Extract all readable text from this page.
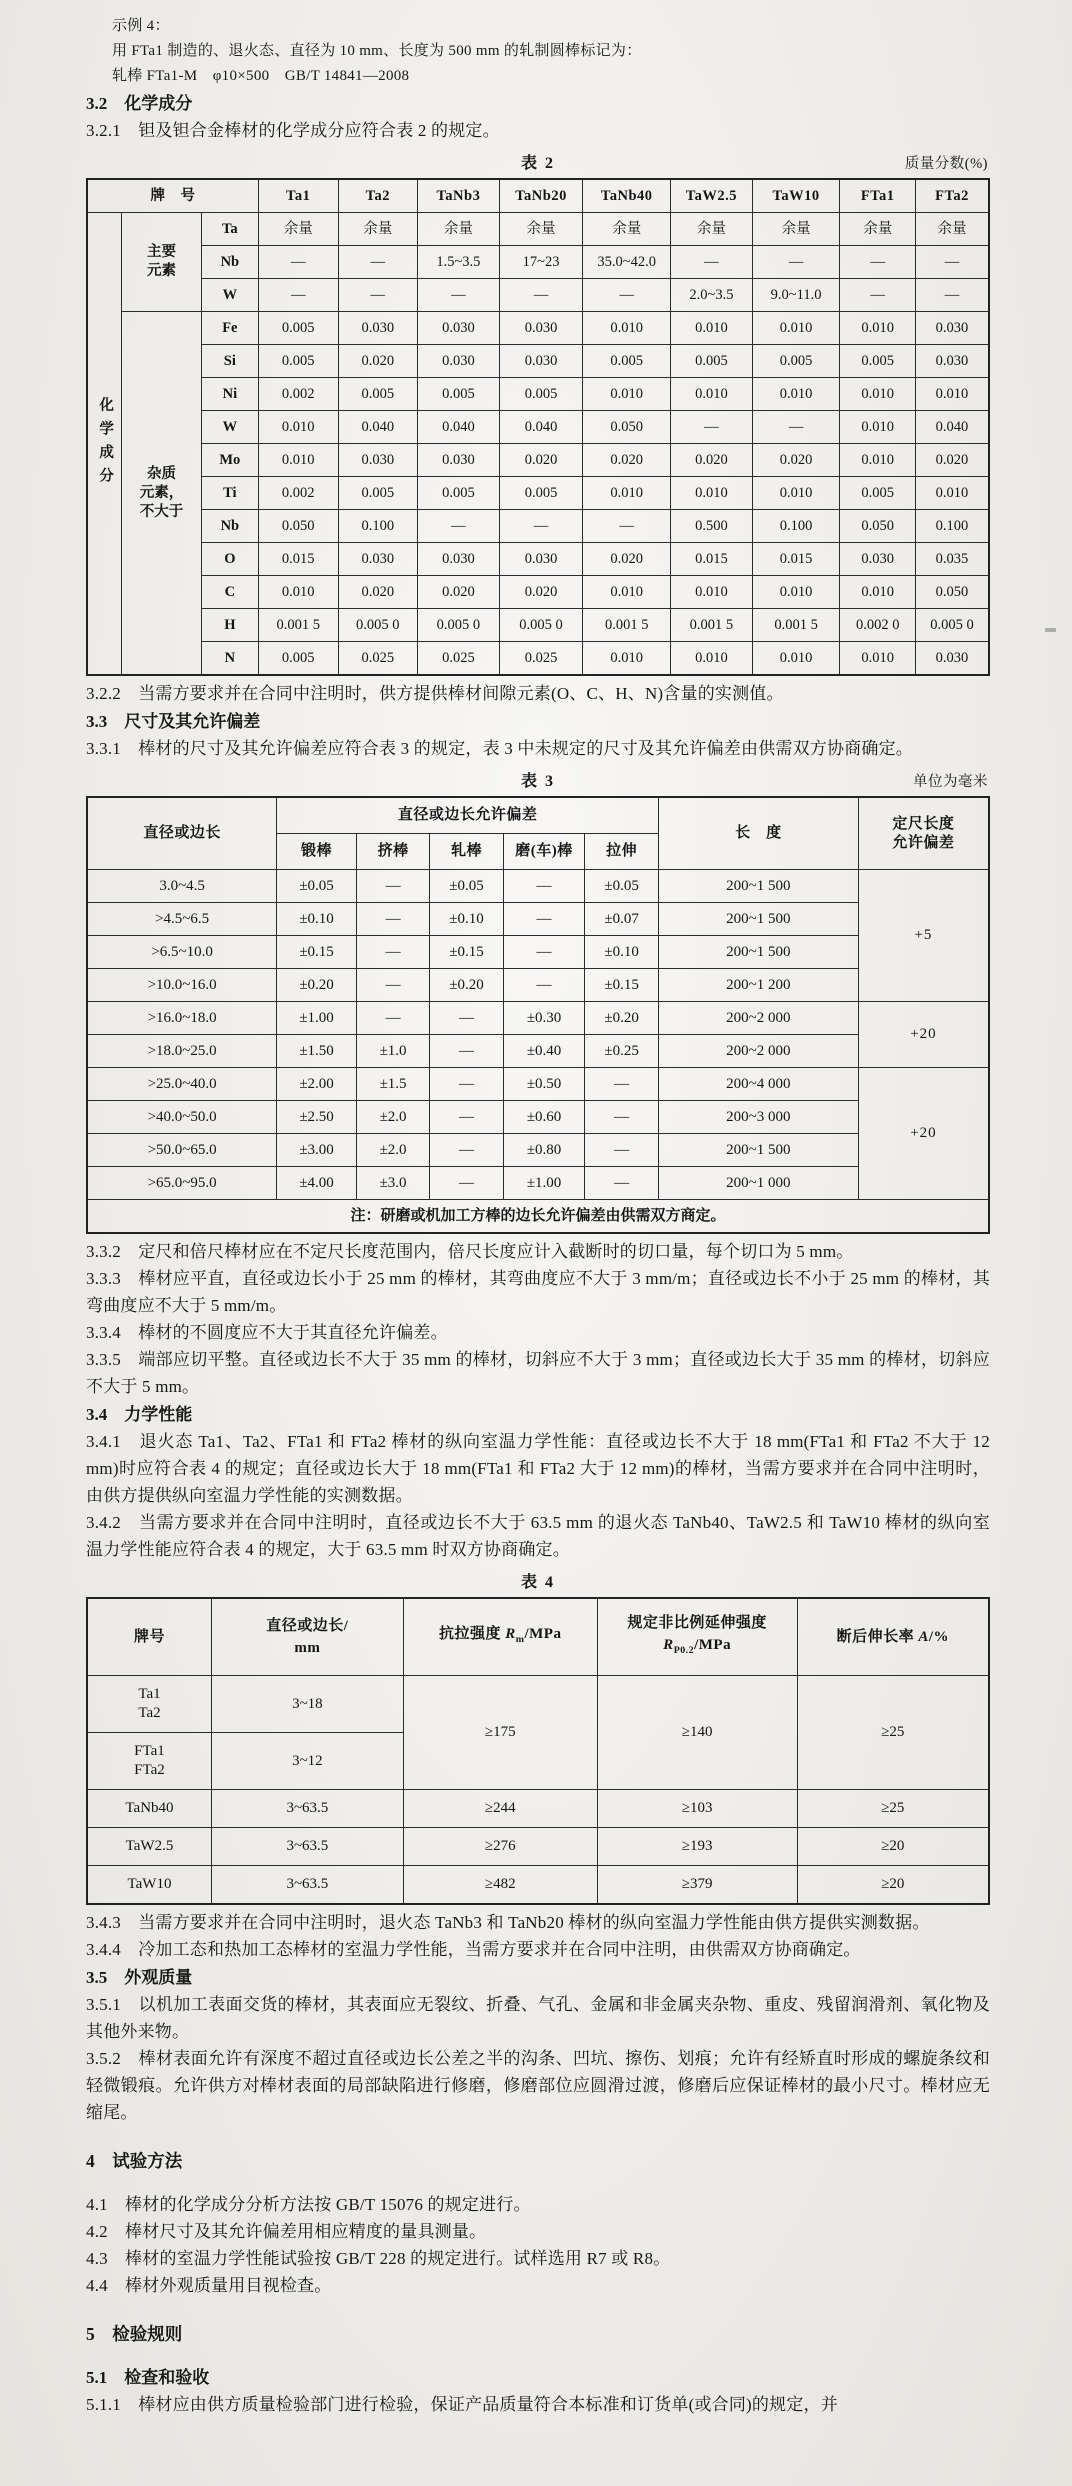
示例 4：
用 FTa1 制造的、退火态、直径为 10 mm、长度为 500 mm 的轧制圆棒标记为：
轧棒 FTa1-M　φ10×500　GB/T 14841—2008
3.2　化学成分
3.2.1　钽及钽合金棒材的化学成分应符合表 2 的规定。
表 2	质量分数(%)
牌　号			Ta1	Ta2	TaNb3	TaNb20	TaNb40	TaW2.5	TaW10	FTa1	FTa2
化学成分	主要
元素	Ta	余量	余量	余量	余量	余量	余量	余量	余量	余量
		Nb	—	—	1.5~3.5	17~23	35.0~42.0	—	—	—	—
		W	—	—	—	—	—	2.0~3.5	9.0~11.0	—	—
	杂质
元素，
不大于	Fe	0.005	0.030	0.030	0.030	0.010	0.010	0.010	0.010	0.030
		Si	0.005	0.020	0.030	0.030	0.005	0.005	0.005	0.005	0.030
		Ni	0.002	0.005	0.005	0.005	0.010	0.010	0.010	0.010	0.010
		W	0.010	0.040	0.040	0.040	0.050	—	—	0.010	0.040
		Mo	0.010	0.030	0.030	0.020	0.020	0.020	0.020	0.010	0.020
		Ti	0.002	0.005	0.005	0.005	0.010	0.010	0.010	0.005	0.010
		Nb	0.050	0.100	—	—	—	0.500	0.100	0.050	0.100
		O	0.015	0.030	0.030	0.030	0.020	0.015	0.015	0.030	0.035
		C	0.010	0.020	0.020	0.020	0.010	0.010	0.010	0.010	0.050
		H	0.001 5	0.005 0	0.005 0	0.005 0	0.001 5	0.001 5	0.001 5	0.002 0	0.005 0
		N	0.005	0.025	0.025	0.025	0.010	0.010	0.010	0.010	0.030
3.2.2　当需方要求并在合同中注明时，供方提供棒材间隙元素(O、C、H、N)含量的实测值。
3.3　尺寸及其允许偏差
3.3.1　棒材的尺寸及其允许偏差应符合表 3 的规定，表 3 中未规定的尺寸及其允许偏差由供需双方协商确定。
表 3	单位为毫米
直径或边长	直径或边长允许偏差					长　度	定尺长度
允许偏差
	锻棒	挤棒	轧棒	磨(车)棒	拉伸		
3.0~4.5	±0.05	—	±0.05	—	±0.05	200~1 500	+5
>4.5~6.5	±0.10	—	±0.10	—	±0.07	200~1 500	
>6.5~10.0	±0.15	—	±0.15	—	±0.10	200~1 500	
>10.0~16.0	±0.20	—	±0.20	—	±0.15	200~1 200	
>16.0~18.0	±1.00	—	—	±0.30	±0.20	200~2 000	+20
>18.0~25.0	±1.50	±1.0	—	±0.40	±0.25	200~2 000	
>25.0~40.0	±2.00	±1.5	—	±0.50	—	200~4 000	+20
>40.0~50.0	±2.50	±2.0	—	±0.60	—	200~3 000	
>50.0~65.0	±3.00	±2.0	—	±0.80	—	200~1 500	
>65.0~95.0	±4.00	±3.0	—	±1.00	—	200~1 000	
注：研磨或机加工方棒的边长允许偏差由供需双方商定。							
3.3.2　定尺和倍尺棒材应在不定尺长度范围内，倍尺长度应计入截断时的切口量，每个切口为 5 mm。
3.3.3　棒材应平直，直径或边长小于 25 mm 的棒材，其弯曲度应不大于 3 mm/m；直径或边长不小于 25 mm 的棒材，其弯曲度应不大于 5 mm/m。
3.3.4　棒材的不圆度应不大于其直径允许偏差。
3.3.5　端部应切平整。直径或边长不大于 35 mm 的棒材，切斜应不大于 3 mm；直径或边长大于 35 mm 的棒材，切斜应不大于 5 mm。
3.4　力学性能
3.4.1　退火态 Ta1、Ta2、FTa1 和 FTa2 棒材的纵向室温力学性能：直径或边长不大于 18 mm(FTa1 和 FTa2 不大于 12 mm)时应符合表 4 的规定；直径或边长大于 18 mm(FTa1 和 FTa2 大于 12 mm)的棒材，当需方要求并在合同中注明时，由供方提供纵向室温力学性能的实测数据。
3.4.2　当需方要求并在合同中注明时，直径或边长不大于 63.5 mm 的退火态 TaNb40、TaW2.5 和 TaW10 棒材的纵向室温力学性能应符合表 4 的规定，大于 63.5 mm 时双方协商确定。
表 4
牌号	直径或边长/
mm	抗拉强度 $R_m$/MPa	规定非比例延伸强度
$R_{P0.2}$/MPa	断后伸长率 A/%
Ta1
Ta2	3~18	≥175	≥140	≥25
FTa1
FTa2	3~12			
TaNb40	3~63.5	≥244	≥103	≥25
TaW2.5	3~63.5	≥276	≥193	≥20
TaW10	3~63.5	≥482	≥379	≥20
3.4.3　当需方要求并在合同中注明时，退火态 TaNb3 和 TaNb20 棒材的纵向室温力学性能由供方提供实测数据。
3.4.4　冷加工态和热加工态棒材的室温力学性能，当需方要求并在合同中注明，由供需双方协商确定。
3.5　外观质量
3.5.1　以机加工表面交货的棒材，其表面应无裂纹、折叠、气孔、金属和非金属夹杂物、重皮、残留润滑剂、氧化物及其他外来物。
3.5.2　棒材表面允许有深度不超过直径或边长公差之半的沟条、凹坑、擦伤、划痕；允许有经矫直时形成的螺旋条纹和轻微锻痕。允许供方对棒材表面的局部缺陷进行修磨，修磨部位应圆滑过渡，修磨后应保证棒材的最小尺寸。棒材应无缩尾。
4　试验方法
4.1　棒材的化学成分分析方法按 GB/T 15076 的规定进行。
4.2　棒材尺寸及其允许偏差用相应精度的量具测量。
4.3　棒材的室温力学性能试验按 GB/T 228 的规定进行。试样选用 R7 或 R8。
4.4　棒材外观质量用目视检查。
5　检验规则
5.1　检查和验收
5.1.1　棒材应由供方质量检验部门进行检验，保证产品质量符合本标准和订货单(或合同)的规定，并
